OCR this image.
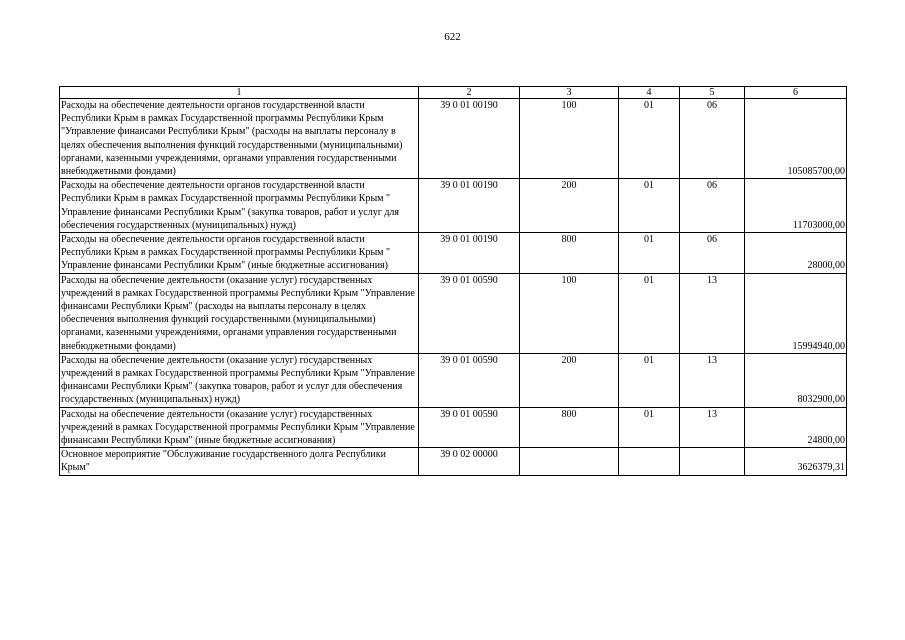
622
1	2	3	4	5	6
Расходы на обеспечение деятельности органов государственной власти Республики Крым в рамках Государственной программы Республики Крым "Управление финансами Республики Крым" (расходы на выплаты персоналу в целях обеспечения выполнения функций государственными (муниципальными) органами, казенными учреждениями, органами управления государственными внебюджетными фондами)	39 0 01 00190	100	01	06	105085700,00
Расходы на обеспечение деятельности органов государственной власти Республики Крым в рамках Государственной программы Республики Крым " Управление финансами Республики Крым" (закупка товаров, работ и услуг для обеспечения государственных (муниципальных) нужд)	39 0 01 00190	200	01	06	11703000,00
Расходы на обеспечение деятельности органов государственной власти Республики Крым в рамках Государственной программы Республики Крым " Управление финансами Республики Крым" (иные бюджетные ассигнования)	39 0 01 00190	800	01	06	28000,00
Расходы на обеспечение деятельности (оказание услуг) государственных учреждений в рамках Государственной программы Республики Крым "Управление финансами Республики Крым" (расходы на выплаты персоналу в целях обеспечения выполнения функций государственными (муниципальными) органами, казенными учреждениями, органами управления государственными внебюджетными фондами)	39 0 01 00590	100	01	13	15994940,00
Расходы на обеспечение деятельности (оказание услуг) государственных учреждений в рамках Государственной программы Республики Крым "Управление финансами Республики Крым" (закупка товаров, работ и услуг для обеспечения государственных (муниципальных) нужд)	39 0 01 00590	200	01	13	8032900,00
Расходы на обеспечение деятельности (оказание услуг) государственных учреждений в рамках Государственной программы Республики Крым "Управление финансами Республики Крым" (иные бюджетные ассигнования)	39 0 01 00590	800	01	13	24800,00
Основное мероприятие "Обслуживание государственного долга Республики Крым"	39 0 02 00000				3626379,31
